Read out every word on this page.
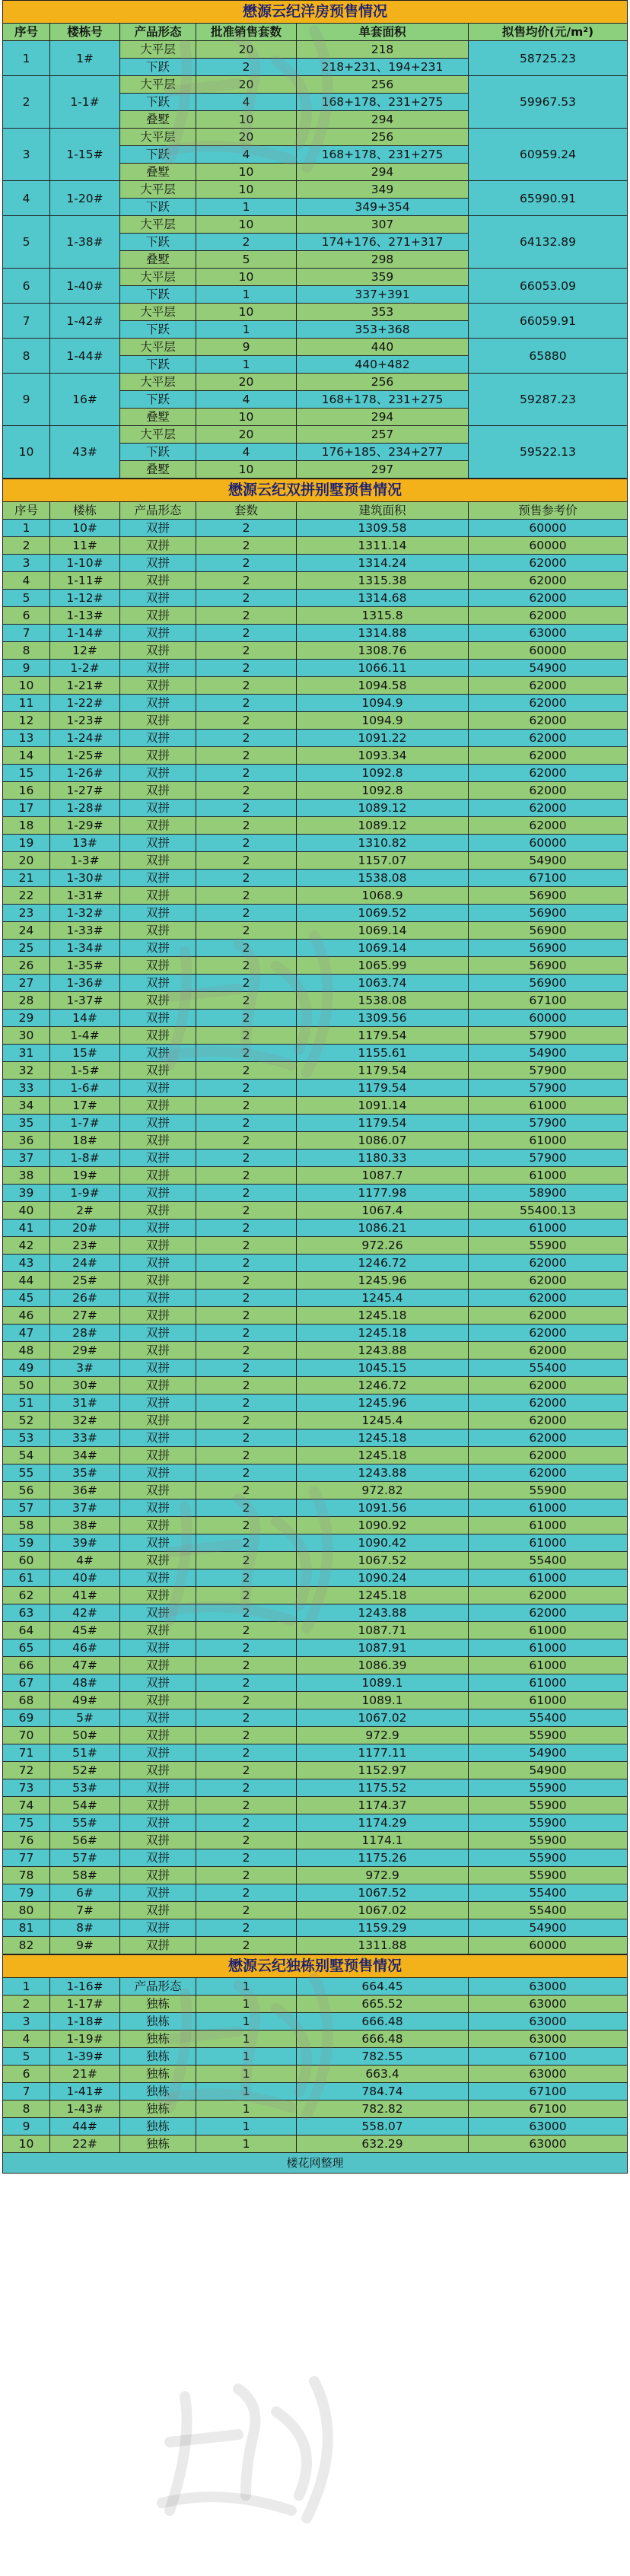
懋源云纪洋房预售情况					
序号	楼栋号	产品形态	批准销售套数	单套面积	拟售均价(元/m²)
1	1#	大平层	20	218	58725.23
		下跃	2	218+231、194+231	
2	1-1#	大平层	20	256	59967.53
		下跃	4	168+178、231+275	
		叠墅	10	294	
3	1-15#	大平层	20	256	60959.24
		下跃	4	168+178、231+275	
		叠墅	10	294	
4	1-20#	大平层	10	349	65990.91
		下跃	1	349+354	
5	1-38#	大平层	10	307	64132.89
		下跃	2	174+176、271+317	
		叠墅	5	298	
6	1-40#	大平层	10	359	66053.09
		下跃	1	337+391	
7	1-42#	大平层	10	353	66059.91
		下跃	1	353+368	
8	1-44#	大平层	9	440	65880
		下跃	1	440+482	
9	16#	大平层	20	256	59287.23
		下跃	4	168+178、231+275	
		叠墅	10	294	
10	43#	大平层	20	257	59522.13
		下跃	4	176+185、234+277	
		叠墅	10	297	
懋源云纪双拼别墅预售情况					
序号	楼栋	产品形态	套数	建筑面积	预售参考价
1	10#	双拼	2	1309.58	60000
2	11#	双拼	2	1311.14	60000
3	1-10#	双拼	2	1314.24	62000
4	1-11#	双拼	2	1315.38	62000
5	1-12#	双拼	2	1314.68	62000
6	1-13#	双拼	2	1315.8	62000
7	1-14#	双拼	2	1314.88	63000
8	12#	双拼	2	1308.76	60000
9	1-2#	双拼	2	1066.11	54900
10	1-21#	双拼	2	1094.58	62000
11	1-22#	双拼	2	1094.9	62000
12	1-23#	双拼	2	1094.9	62000
13	1-24#	双拼	2	1091.22	62000
14	1-25#	双拼	2	1093.34	62000
15	1-26#	双拼	2	1092.8	62000
16	1-27#	双拼	2	1092.8	62000
17	1-28#	双拼	2	1089.12	62000
18	1-29#	双拼	2	1089.12	62000
19	13#	双拼	2	1310.82	60000
20	1-3#	双拼	2	1157.07	54900
21	1-30#	双拼	2	1538.08	67100
22	1-31#	双拼	2	1068.9	56900
23	1-32#	双拼	2	1069.52	56900
24	1-33#	双拼	2	1069.14	56900
25	1-34#	双拼	2	1069.14	56900
26	1-35#	双拼	2	1065.99	56900
27	1-36#	双拼	2	1063.74	56900
28	1-37#	双拼	2	1538.08	67100
29	14#	双拼	2	1309.56	60000
30	1-4#	双拼	2	1179.54	57900
31	15#	双拼	2	1155.61	54900
32	1-5#	双拼	2	1179.54	57900
33	1-6#	双拼	2	1179.54	57900
34	17#	双拼	2	1091.14	61000
35	1-7#	双拼	2	1179.54	57900
36	18#	双拼	2	1086.07	61000
37	1-8#	双拼	2	1180.33	57900
38	19#	双拼	2	1087.7	61000
39	1-9#	双拼	2	1177.98	58900
40	2#	双拼	2	1067.4	55400.13
41	20#	双拼	2	1086.21	61000
42	23#	双拼	2	972.26	55900
43	24#	双拼	2	1246.72	62000
44	25#	双拼	2	1245.96	62000
45	26#	双拼	2	1245.4	62000
46	27#	双拼	2	1245.18	62000
47	28#	双拼	2	1245.18	62000
48	29#	双拼	2	1243.88	62000
49	3#	双拼	2	1045.15	55400
50	30#	双拼	2	1246.72	62000
51	31#	双拼	2	1245.96	62000
52	32#	双拼	2	1245.4	62000
53	33#	双拼	2	1245.18	62000
54	34#	双拼	2	1245.18	62000
55	35#	双拼	2	1243.88	62000
56	36#	双拼	2	972.82	55900
57	37#	双拼	2	1091.56	61000
58	38#	双拼	2	1090.92	61000
59	39#	双拼	2	1090.42	61000
60	4#	双拼	2	1067.52	55400
61	40#	双拼	2	1090.24	61000
62	41#	双拼	2	1245.18	62000
63	42#	双拼	2	1243.88	62000
64	45#	双拼	2	1087.71	61000
65	46#	双拼	2	1087.91	61000
66	47#	双拼	2	1086.39	61000
67	48#	双拼	2	1089.1	61000
68	49#	双拼	2	1089.1	61000
69	5#	双拼	2	1067.02	55400
70	50#	双拼	2	972.9	55900
71	51#	双拼	2	1177.11	54900
72	52#	双拼	2	1152.97	54900
73	53#	双拼	2	1175.52	55900
74	54#	双拼	2	1174.37	55900
75	55#	双拼	2	1174.29	55900
76	56#	双拼	2	1174.1	55900
77	57#	双拼	2	1175.26	55900
78	58#	双拼	2	972.9	55900
79	6#	双拼	2	1067.52	55400
80	7#	双拼	2	1067.02	55400
81	8#	双拼	2	1159.29	54900
82	9#	双拼	2	1311.88	60000
懋源云纪独栋别墅预售情况					
1	1-16#	产品形态	1	664.45	63000
2	1-17#	独栋	1	665.52	63000
3	1-18#	独栋	1	666.48	63000
4	1-19#	独栋	1	666.48	63000
5	1-39#	独栋	1	782.55	67100
6	21#	独栋	1	663.4	63000
7	1-41#	独栋	1	784.74	67100
8	1-43#	独栋	1	782.82	67100
9	44#	独栋	1	558.07	63000
10	22#	独栋	1	632.29	63000
楼花网整理					
